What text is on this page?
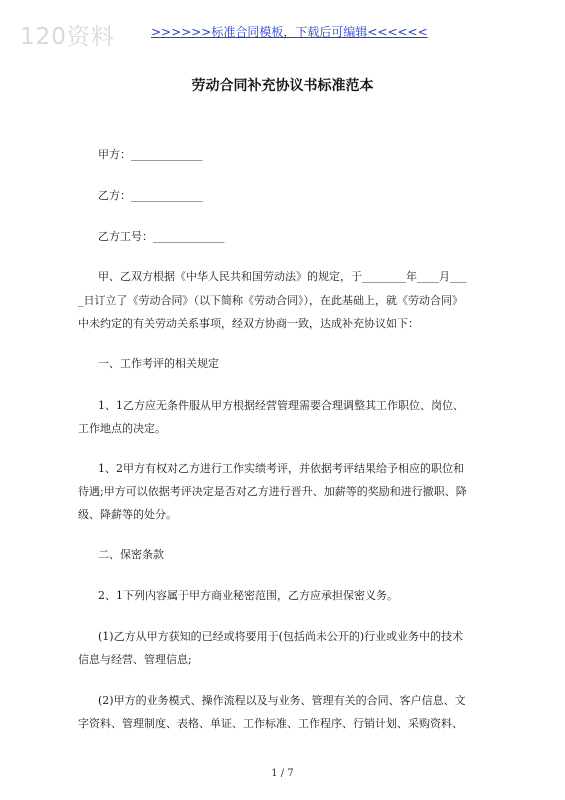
120资料	>>>>>>标准合同模板，下载后可编辑<<<<<<
劳动合同补充协议书标准范本
甲方：_____________
乙方：_____________
乙方工号：_____________
甲、乙双方根据《中华人民共和国劳动法》的规定，于________年____月___
_日订立了《劳动合同》（以下简称《劳动合同》），在此基础上，就《劳动合同》
中未约定的有关劳动关系事项，经双方协商一致，达成补充协议如下：
一、工作考评的相关规定
1、1乙方应无条件服从甲方根据经营管理需要合理调整其工作职位、岗位、
工作地点的决定。
1、2甲方有权对乙方进行工作实绩考评，并依据考评结果给予相应的职位和
待遇;甲方可以依据考评决定是否对乙方进行晋升、加薪等的奖励和进行撤职、降
级、降薪等的处分。
二、保密条款
2、1下列内容属于甲方商业秘密范围，乙方应承担保密义务。
(1)乙方从甲方获知的已经或将要用于(包括尚未公开的)行业或业务中的技术
信息与经营、管理信息;
(2)甲方的业务模式、操作流程以及与业务、管理有关的合同、客户信息、文
字资料、管理制度、表格、单证、工作标准、工作程序、行销计划、采购资料、
1 / 7
